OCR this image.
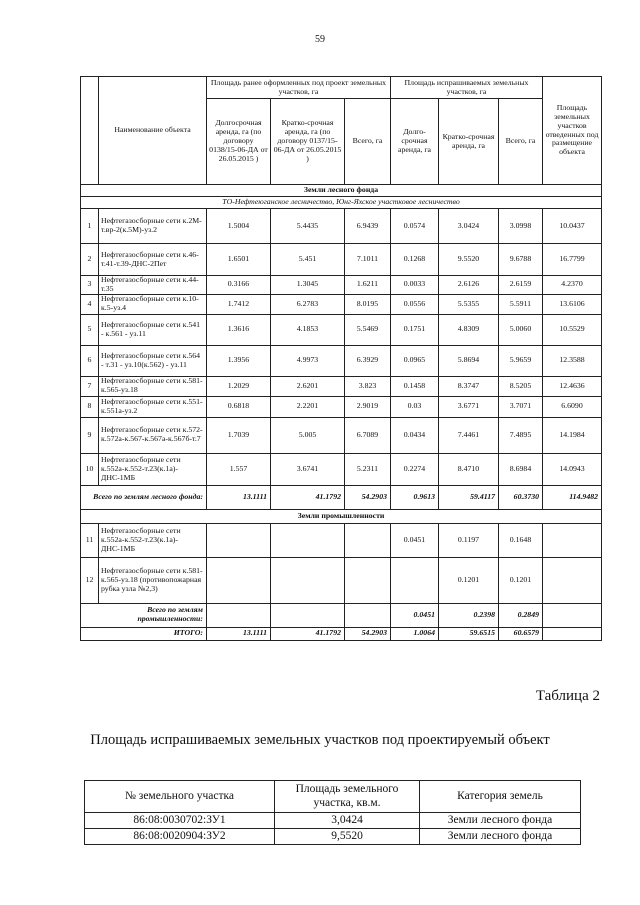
59
	Наименование объекта	Площадь ранее оформленных под проект земельных участков, га			Площадь испрашиваемых земельных участков, га			Площадь земельных участков отведенных под размещение объекта
		Долгосрочная аренда, га (по договору 0138/15-06-ДА от 26.05.2015 )	Кратко-срочная аренда, га (по договору 0137/15-06-ДА от 26.05.2015 )	Всего, га	Долго-срочная аренда, га	Кратко-срочная аренда, га	Всего, га	
Земли лесного фонда								
ТО-Нефтеюганское лесничество, Юнг-Яхское участковое лесничество								
1	Нефтегазосборные сети к.2М-т.вр-2(к.5М)-уз.2	1.5004	5.4435	6.9439	0.0574	3.0424	3.0998	10.0437
2	Нефтегазосборные сети к.46-т.41-т.39-ДНС-2Пет	1.6501	5.451	7.1011	0.1268	9.5520	9.6788	16.7799
3	Нефтегазосборные сети к.44-т.35	0.3166	1.3045	1.6211	0.0033	2.6126	2.6159	4.2370
4	Нефтегазосборные сети к.10-к.5-уз.4	1.7412	6.2783	8.0195	0.0556	5.5355	5.5911	13.6106
5	Нефтегазосборные сети к.541 - к.561 - уз.11	1.3616	4.1853	5.5469	0.1751	4.8309	5.0060	10.5529
6	Нефтегазосборные сети к.564 - т.31 - уз.10(к.562) - уз.11	1.3956	4.9973	6.3929	0.0965	5.8694	5.9659	12.3588
7	Нефтегазосборные сети к.581-к.565-уз.18	1.2029	2.6201	3.823	0.1458	8.3747	8.5205	12.4636
8	Нефтегазосборные сети к.551-к.551а-уз.2	0.6818	2.2201	2.9019	0.03	3.6771	3.7071	6.6090
9	Нефтегазосборные сети к.572-к.572а-к.567-к.567а-к.567б-т.7	1.7039	5.005	6.7089	0.0434	7.4461	7.4895	14.1984
10	Нефтегазосборные сети к.552а-к.552-т.23(к.1а)-ДНС-1МБ	1.557	3.6741	5.2311	0.2274	8.4710	8.6984	14.0943
Всего по землям лесного фонда:		13.1111	41.1792	54.2903	0.9613	59.4117	60.3730	114.9482
Земли промышленности								
11	Нефтегазосборные сети к.552а-к.552-т.23(к.1а)-ДНС-1МБ				0.0451	0.1197	0.1648	
12	Нефтегазосборные сети к.581-к.565-уз.18 (противопожарная рубка узла №2,3)					0.1201	0.1201	
Всего по землям промышленности:					0.0451	0.2398	0.2849	
ИТОГО:		13.1111	41.1792	54.2903	1.0064	59.6515	60.6579	
Таблица 2
Площадь испрашиваемых земельных участков под проектируемый объект
№ земельного участка	Площадь земельного участка, кв.м.	Категория земель
86:08:0030702:ЗУ1	3,0424	Земли лесного фонда
86:08:0020904:ЗУ2	9,5520	Земли лесного фонда
